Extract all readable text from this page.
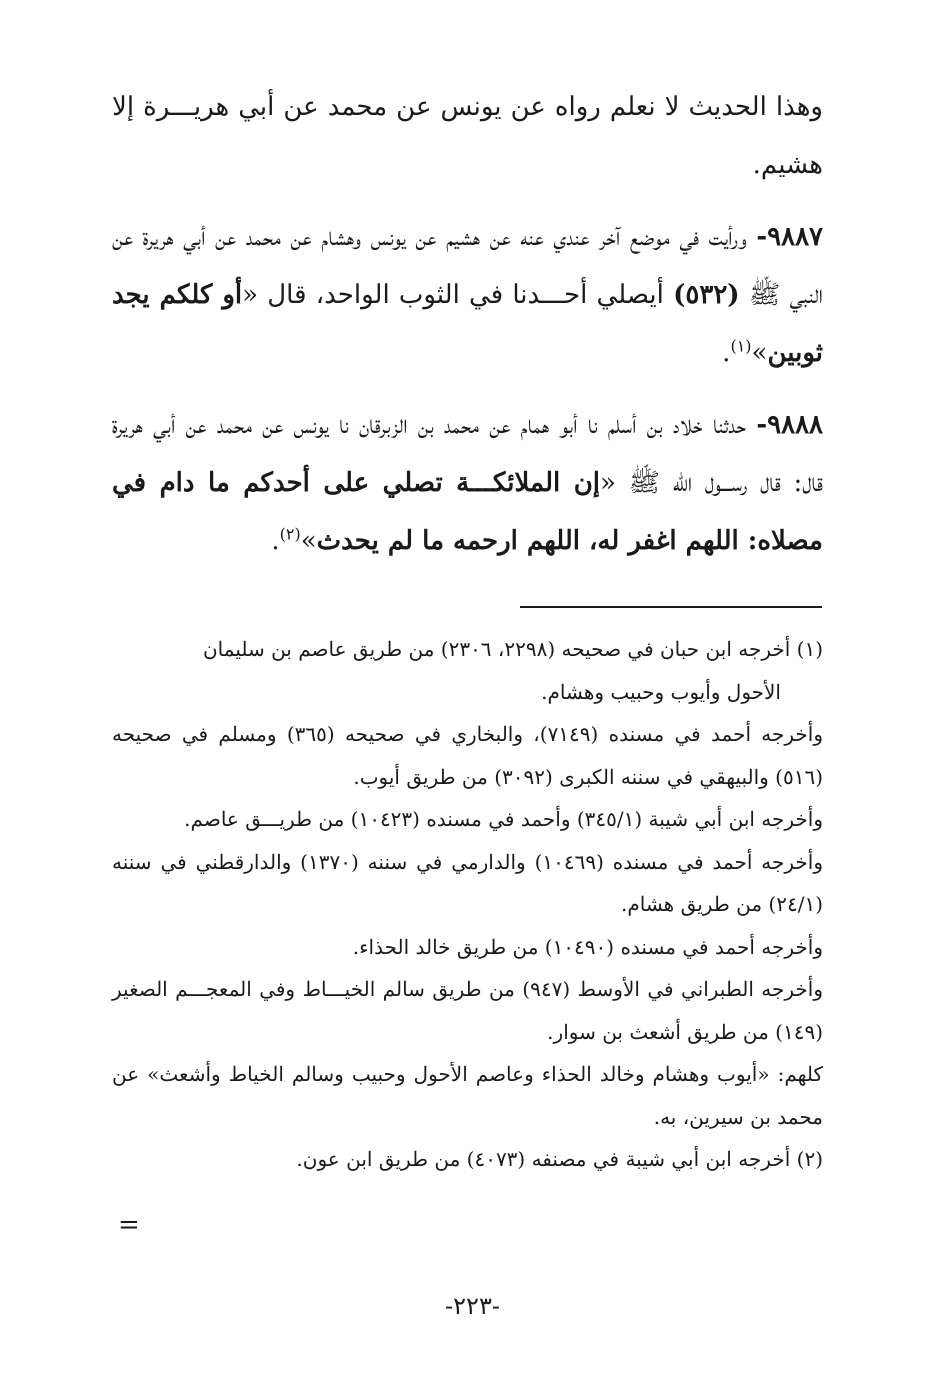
وهذا الحديث لا نعلم رواه عن يونس عن محمد عن أبي هريـــرة إلا هشيم.

٩٨٨٧- ورأيت في موضع آخر عندي عنه عن هشيم عن يونس وهشام عن محمد عن أبي هريرة عن النبي ﷺ (٥٣٢) أيصلي أحـــدنا في الثوب الواحد، قال «أو كلكم يجد ثوبين»$^{(١)}$.

٩٨٨٨- حدثنا خلاد بن أسلم نا أبو همام عن محمد بن الزبرقان نا يونس عن محمد عن أبي هريرة قال: قال رســـول الله ﷺ «إن الملائكـــة تصلي على أحدكم ما دام في مصلاه: اللهم اغفر له، اللهم ارحمه ما لم يحدث»$^{(٢)}$.

(١) أخرجه ابن حبان في صحيحه (٢٢٩٨، ٢٣٠٦) من طريق عاصم بن سليمان

الأحول وأيوب وحبيب وهشام.

وأخرجه أحمد في مسنده (٧١٤٩)، والبخاري في صحيحه (٣٦٥) ومسلم في صحيحه (٥١٦) والبيهقي في سننه الكبرى (٣٠٩٢) من طريق أيوب.

وأخرجه ابن أبي شيبة (٣٤٥/١) وأحمد في مسنده (١٠٤٢٣) من طريـــق عاصم.

وأخرجه أحمد في مسنده (١٠٤٦٩) والدارمي في سننه (١٣٧٠) والدارقطني في سننه (٢٤/١) من طريق هشام.

وأخرجه أحمد في مسنده (١٠٤٩٠) من طريق خالد الحذاء.

وأخرجه الطبراني في الأوسط (٩٤٧) من طريق سالم الخيـــاط وفي المعجـــم الصغير (١٤٩) من طريق أشعث بن سوار.

كلهم: «أيوب وهشام وخالد الحذاء وعاصم الأحول وحبيب وسالم الخياط وأشعث» عن محمد بن سيرين، به.

(٢) أخرجه ابن أبي شيبة في مصنفه (٤٠٧٣) من طريق ابن عون.

=
-٢٢٣-
